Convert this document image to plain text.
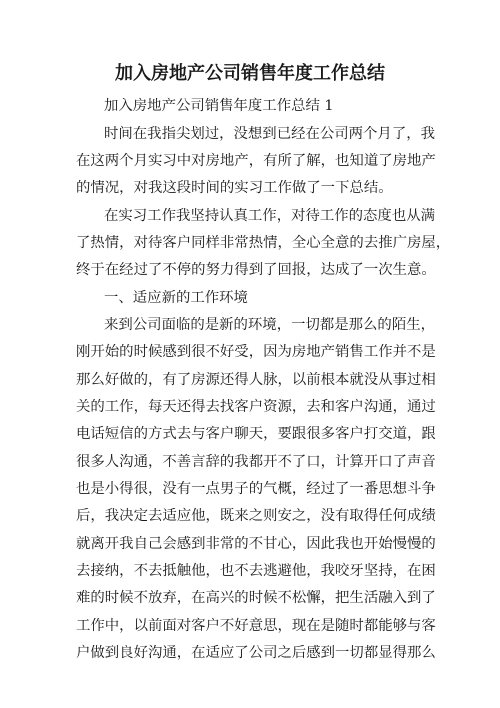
加入房地产公司销售年度工作总结

加入房地产公司销售年度工作总结 1

时间在我指尖划过，没想到已经在公司两个月了，我

在这两个月实习中对房地产，有所了解，也知道了房地产

的情况，对我这段时间的实习工作做了一下总结。

在实习工作我坚持认真工作，对待工作的态度也从满

了热情，对待客户同样非常热情，全心全意的去推广房屋，

终于在经过了不停的努力得到了回报，达成了一次生意。

一、适应新的工作环境

来到公司面临的是新的环境，一切都是那么的陌生，

刚开始的时候感到很不好受，因为房地产销售工作并不是

那么好做的，有了房源还得人脉，以前根本就没从事过相

关的工作，每天还得去找客户资源，去和客户沟通，通过

电话短信的方式去与客户聊天，要跟很多客户打交道，跟

很多人沟通，不善言辞的我都开不了口，计算开口了声音

也是小得很，没有一点男子的气概，经过了一番思想斗争

后，我决定去适应他，既来之则安之，没有取得任何成绩

就离开我自己会感到非常的不甘心，因此我也开始慢慢的

去接纳，不去抵触他，也不去逃避他，我咬牙坚持，在困

难的时候不放弃，在高兴的时候不松懈，把生活融入到了

工作中，以前面对客户不好意思，现在是随时都能够与客

户做到良好沟通，在适应了公司之后感到一切都显得那么
